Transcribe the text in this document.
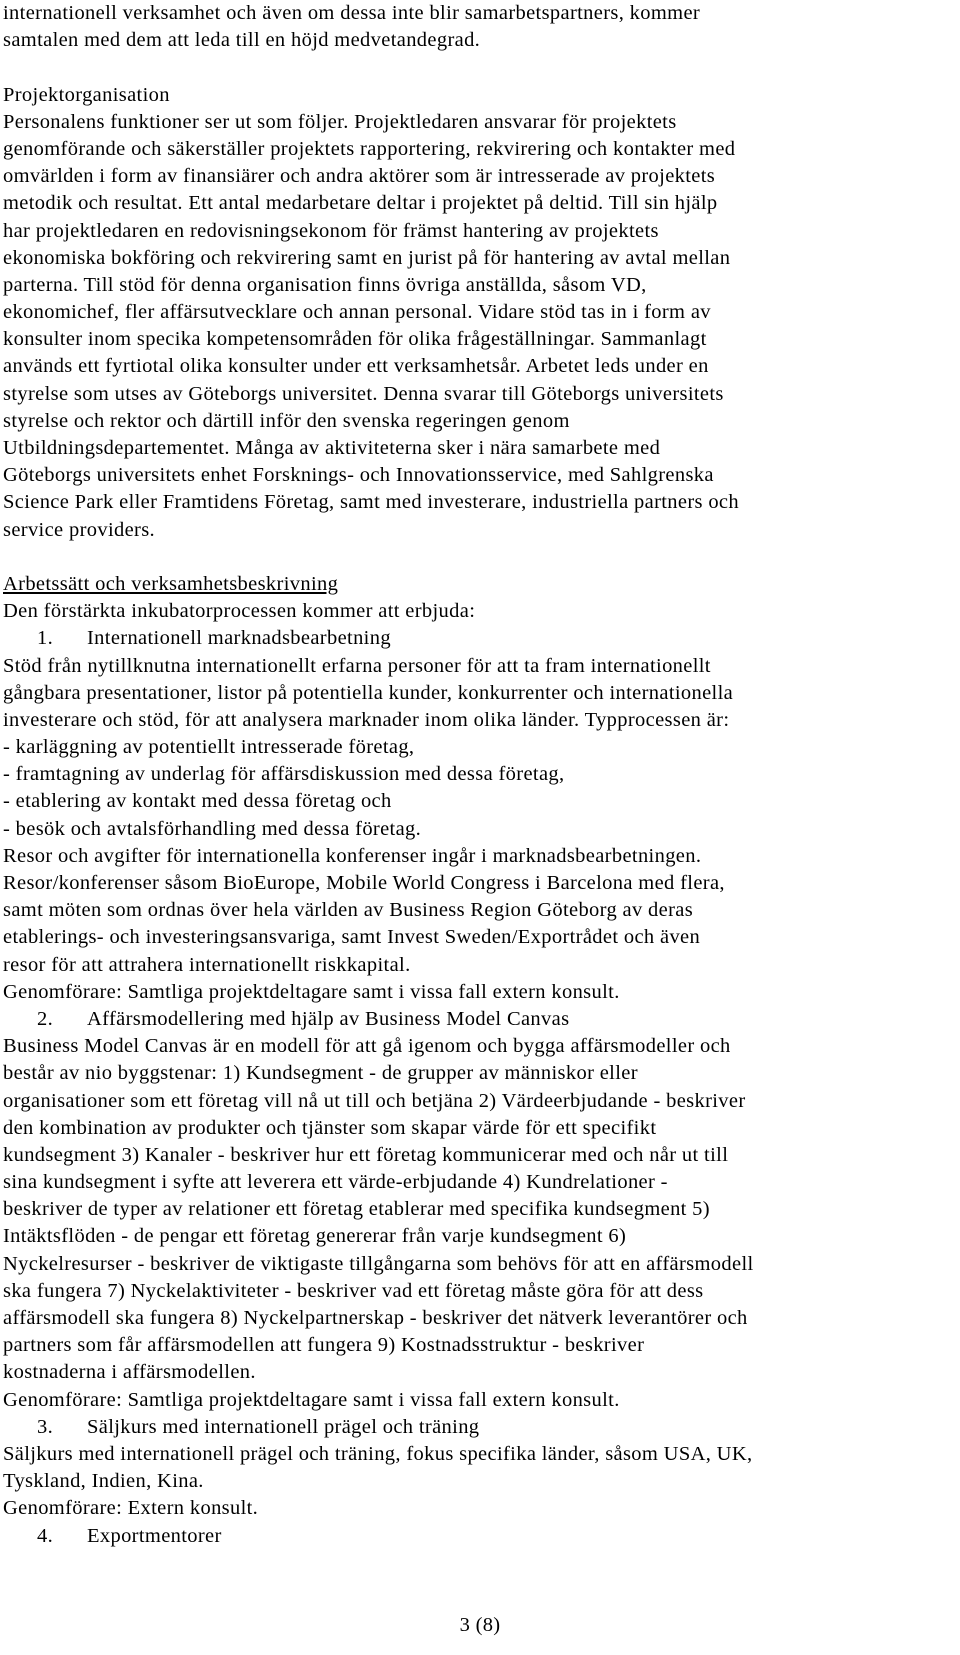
internationell verksamhet och även om dessa inte blir samarbetspartners, kommer
samtalen med dem att leda till en höjd medvetandegrad.
Projektorganisation
Personalens funktioner ser ut som följer. Projektledaren ansvarar för projektets
genomförande och säkerställer projektets rapportering, rekvirering och kontakter med
omvärlden i form av finansiärer och andra aktörer som är intresserade av projektets
metodik och resultat. Ett antal medarbetare deltar i projektet på deltid. Till sin hjälp
har projektledaren en redovisningsekonom för främst hantering av projektets
ekonomiska bokföring och rekvirering samt en jurist på för hantering av avtal mellan
parterna. Till stöd för denna organisation finns övriga anställda, såsom VD,
ekonomichef, fler affärsutvecklare och annan personal. Vidare stöd tas in i form av
konsulter inom specika kompetensområden för olika frågeställningar. Sammanlagt
används ett fyrtiotal olika konsulter under ett verksamhetsår. Arbetet leds under en
styrelse som utses av Göteborgs universitet. Denna svarar till Göteborgs universitets
styrelse och rektor och därtill inför den svenska regeringen genom
Utbildningsdepartementet. Många av aktiviteterna sker i nära samarbete med
Göteborgs universitets enhet Forsknings- och Innovationsservice, med Sahlgrenska
Science Park eller Framtidens Företag, samt med investerare, industriella partners och
service providers.
Arbetssätt och verksamhetsbeskrivning
Den förstärkta inkubatorprocessen kommer att erbjuda:
1. Internationell marknadsbearbetning
Stöd från nytillknutna internationellt erfarna personer för att ta fram internationellt
gångbara presentationer, listor på potentiella kunder, konkurrenter och internationella
investerare och stöd, för att analysera marknader inom olika länder. Typprocessen är:
- karläggning av potentiellt intresserade företag,
- framtagning av underlag för affärsdiskussion med dessa företag,
- etablering av kontakt med dessa företag och
- besök och avtalsförhandling med dessa företag.
Resor och avgifter för internationella konferenser ingår i marknadsbearbetningen.
Resor/konferenser såsom BioEurope, Mobile World Congress i Barcelona med flera,
samt möten som ordnas över hela världen av Business Region Göteborg av deras
etablerings- och investeringsansvariga, samt Invest Sweden/Exportrådet och även
resor för att attrahera internationellt riskkapital.
Genomförare: Samtliga projektdeltagare samt i vissa fall extern konsult.
2. Affärsmodellering med hjälp av Business Model Canvas
Business Model Canvas är en modell för att gå igenom och bygga affärsmodeller och
består av nio byggstenar: 1) Kundsegment - de grupper av människor eller
organisationer som ett företag vill nå ut till och betjäna 2) Värdeerbjudande - beskriver
den kombination av produkter och tjänster som skapar värde för ett specifikt
kundsegment 3) Kanaler - beskriver hur ett företag kommunicerar med och når ut till
sina kundsegment i syfte att leverera ett värde-erbjudande 4) Kundrelationer -
beskriver de typer av relationer ett företag etablerar med specifika kundsegment 5)
Intäktsflöden - de pengar ett företag genererar från varje kundsegment 6)
Nyckelresurser - beskriver de viktigaste tillgångarna som behövs för att en affärsmodell
ska fungera 7) Nyckelaktiviteter - beskriver vad ett företag måste göra för att dess
affärsmodell ska fungera 8) Nyckelpartnerskap - beskriver det nätverk leverantörer och
partners som får affärsmodellen att fungera 9) Kostnadsstruktur - beskriver
kostnaderna i affärsmodellen.
Genomförare: Samtliga projektdeltagare samt i vissa fall extern konsult.
3. Säljkurs med internationell prägel och träning
Säljkurs med internationell prägel och träning, fokus specifika länder, såsom USA, UK,
Tyskland, Indien, Kina.
Genomförare: Extern konsult.
4. Exportmentorer
3 (8)
